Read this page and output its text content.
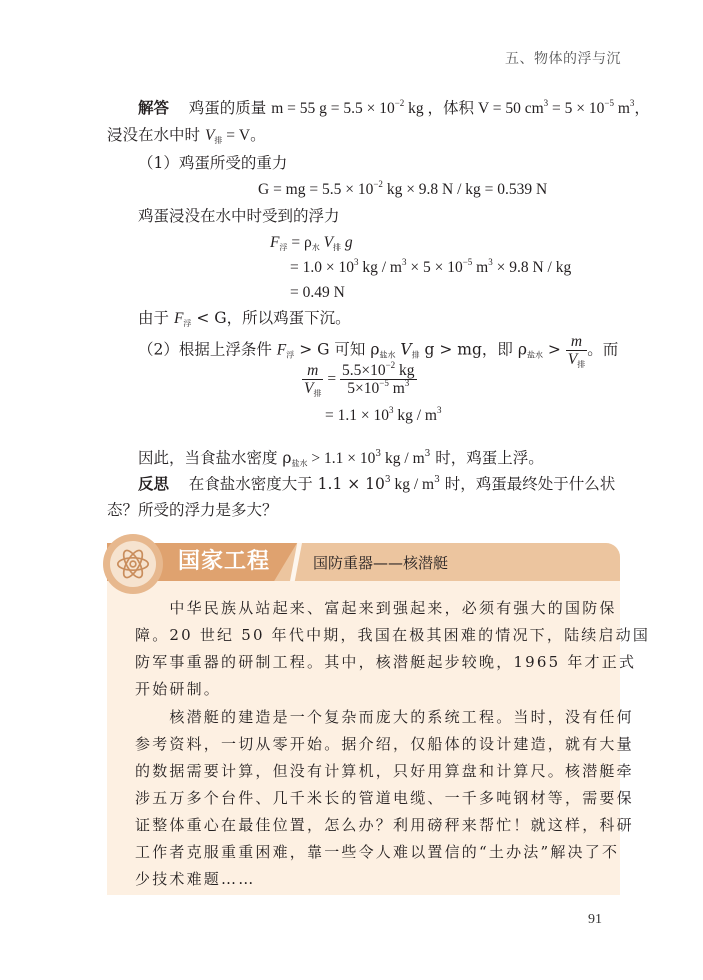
五、物体的浮与沉
解答 鸡蛋的质量 m = 55 $g = 5.5 \times 10^{-2}$ kg ，体积 V = 50 $cm^3 = 5 \times 10^{-5}$ $m^3$，
浸没在水中时 $V_排 = V$。
（1）鸡蛋所受的重力
G = mg = $5.5 \times 10^{-2}$ kg × 9.8 N / kg = 0.539 N
鸡蛋浸没在水中时受到的浮力
$F_浮 = \rho_水$ $V_排$ g
= $1.0 \times 10^3$ kg / $m^3 \times 5 \times 10^{-5}$ $m^3 \times 9.8$ N / kg
= 0.49 N
由于 $F_浮 < G$，所以鸡蛋下沉。
（2）根据上浮条件 $F_浮 > G$ 可知 $\rho_{盐水}$ $V_排$ g > mg，即 $\rho_{盐水} > \frac{m}{V_排}$ 。而
$\frac{m}{V_排} = \frac{5.5\times 10^{-2} kg}{5\times 10^{-5} m^3}$
= $1.1 \times 10^3$ kg / $m^3$
因此，当食盐水密度 $\rho_{盐水} > 1.1 \times 10^3$ kg / $m^3$ 时，鸡蛋上浮。
反思 在食盐水密度大于 $1.1 \times 10^3$ kg / $m^3$ 时，鸡蛋最终处于什么状
态？所受的浮力是多大？
国家工程	国防重器——核潜艇
　　中华民族从站起来、富起来到强起来，必须有强大的国防保
障。20 世纪 50 年代中期，我国在极其困难的情况下，陆续启动国
防军事重器的研制工程。其中，核潜艇起步较晚，1965 年才正式
开始研制。
　　核潜艇的建造是一个复杂而庞大的系统工程。当时，没有任何
参考资料，一切从零开始。据介绍，仅船体的设计建造，就有大量
的数据需要计算，但没有计算机，只好用算盘和计算尺。核潜艇牵
涉五万多个台件、几千米长的管道电缆、一千多吨钢材等，需要保
证整体重心在最佳位置，怎么办？利用磅秤来帮忙！就这样，科研
工作者克服重重困难，靠一些令人难以置信的“土办法”解决了不
少技术难题……
91
